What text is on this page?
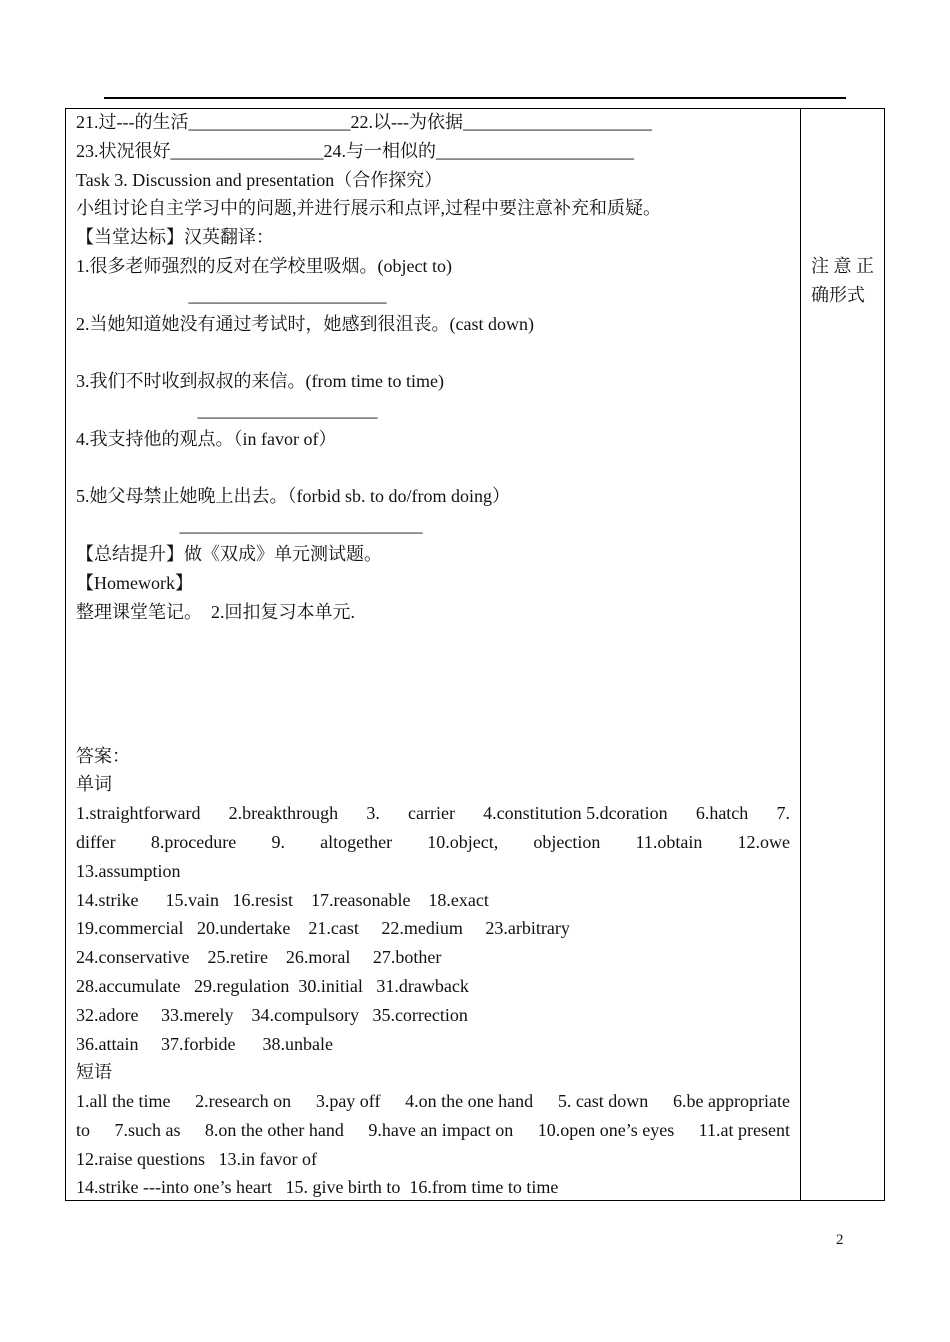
21.过---的生活__________________22.以---为依据_____________________
23.状况很好_________________24.与一相似的______________________
Task 3. Discussion and presentation（合作探究）
小组讨论自主学习中的问题,并进行展示和点评,过程中要注意补充和质疑。
【当堂达标】汉英翻译：
1.很多老师强烈的反对在学校里吸烟。(object to)
______________________
2.当她知道她没有通过考试时，她感到很沮丧。(cast down)
3.我们不时收到叔叔的来信。(from time to time)
____________________
4.我支持他的观点。（in favor of）
5.她父母禁止她晚上出去。（forbid sb. to do/from doing）
___________________________
【总结提升】做《双成》单元测试题。
【Homework】
整理课堂笔记。  2.回扣复习本单元.
答案：
单词
1.straightforward 2.breakthrough 3. carrier 4.constitution 5.dcoration 6.hatch 7.
differ 8.procedure 9. altogether 10.object, objection 11.obtain 12.owe
13.assumption
14.strike      15.vain   16.resist    17.reasonable    18.exact
19.commercial   20.undertake    21.cast     22.medium     23.arbitrary
24.conservative    25.retire    26.moral     27.bother
28.accumulate   29.regulation  30.initial   31.drawback
32.adore     33.merely    34.compulsory   35.correction
36.attain     37.forbide      38.unbale
短语
1.all the time 2.research on 3.pay off 4.on the one hand 5. cast down 6.be appropriate
to 7.such as 8.on the other hand 9.have an impact on 10.open one’s eyes 11.at present
12.raise questions   13.in favor of
14.strike ---into one’s heart   15. give birth to  16.from time to time
注 意 正
确形式
2
